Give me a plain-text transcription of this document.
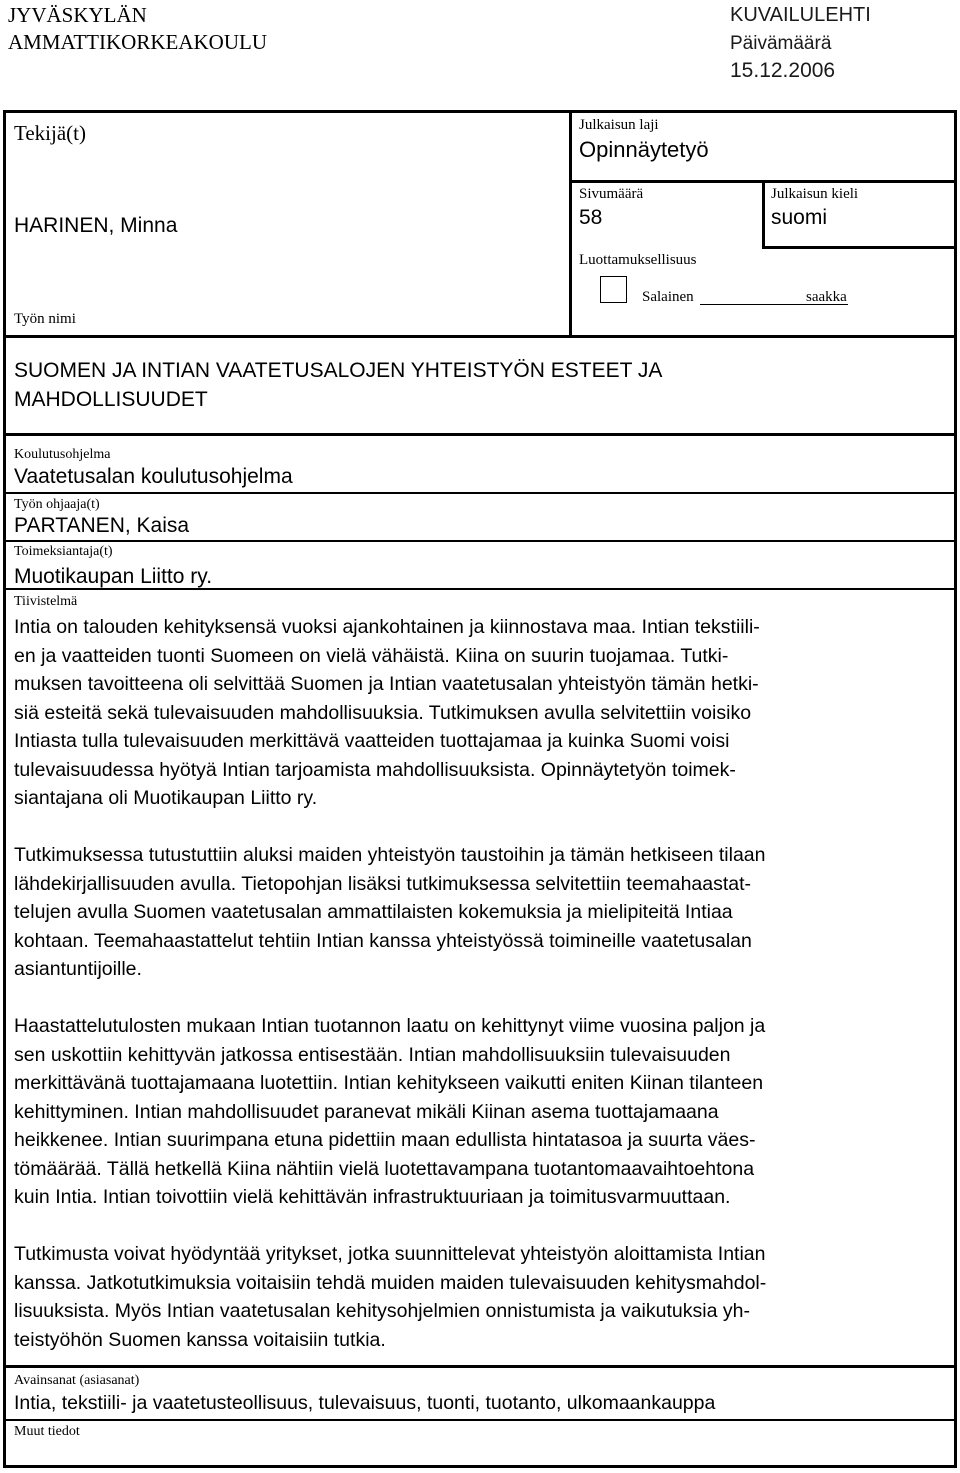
JYVÄSKYLÄN
AMMATTIKORKEAKOULU
KUVAILULEHTI
Päivämäärä
15.12.2006
Tekijä(t)
HARINEN, Minna
Julkaisun laji
Opinnäytetyö
Sivumäärä
58
Julkaisun kieli
suomi
Luottamuksellisuus
Salainen	saakka
Työn nimi
SUOMEN JA INTIAN VAATETUSALOJEN YHTEISTYÖN ESTEET JA
MAHDOLLISUUDET
Koulutusohjelma
Vaatetusalan koulutusohjelma
Työn ohjaaja(t)
PARTANEN, Kaisa
Toimeksiantaja(t)
Muotikaupan Liitto ry.
Tiivistelmä

Intia on talouden kehityksensä vuoksi ajankohtainen ja kiinnostava maa. Intian tekstiili-
en ja vaatteiden tuonti Suomeen on vielä vähäistä. Kiina on suurin tuojamaa. Tutki-
muksen tavoitteena oli selvittää Suomen ja Intian vaatetusalan yhteistyön tämän hetki-
siä esteitä sekä tulevaisuuden mahdollisuuksia. Tutkimuksen avulla selvitettiin voisiko
Intiasta tulla tulevaisuuden merkittävä vaatteiden tuottajamaa ja kuinka Suomi voisi
tulevaisuudessa hyötyä Intian tarjoamista mahdollisuuksista. Opinnäytetyön toimek-
siantajana oli Muotikaupan Liitto ry.

Tutkimuksessa tutustuttiin aluksi maiden yhteistyön taustoihin ja tämän hetkiseen tilaan
lähdekirjallisuuden avulla. Tietopohjan lisäksi tutkimuksessa selvitettiin teemahaastat-
telujen avulla Suomen vaatetusalan ammattilaisten kokemuksia ja mielipiteitä Intiaa
kohtaan. Teemahaastattelut tehtiin Intian kanssa yhteistyössä toimineille vaatetusalan
asiantuntijoille.

Haastattelutulosten mukaan Intian tuotannon laatu on kehittynyt viime vuosina paljon ja
sen uskottiin kehittyvän jatkossa entisestään. Intian mahdollisuuksiin tulevaisuuden
merkittävänä tuottajamaana luotettiin. Intian kehitykseen vaikutti eniten Kiinan tilanteen
kehittyminen. Intian mahdollisuudet paranevat mikäli Kiinan asema tuottajamaana
heikkenee. Intian suurimpana etuna pidettiin maan edullista hintatasoa ja suurta väes-
tömäärää. Tällä hetkellä Kiina nähtiin vielä luotettavampana tuotantomaavaihtoehtona
kuin Intia. Intian toivottiin vielä kehittävän infrastruktuuriaan ja toimitusvarmuuttaan.

Tutkimusta voivat hyödyntää yritykset, jotka suunnittelevat yhteistyön aloittamista Intian
kanssa. Jatkotutkimuksia voitaisiin tehdä muiden maiden tulevaisuuden kehitysmahdol-
lisuuksista. Myös Intian vaatetusalan kehitysohjelmien onnistumista ja vaikutuksia yh-
teistyöhön Suomen kanssa voitaisiin tutkia.

Avainsanat (asiasanat)
Intia, tekstiili- ja vaatetusteollisuus, tulevaisuus, tuonti, tuotanto, ulkomaankauppa
Muut tiedot
